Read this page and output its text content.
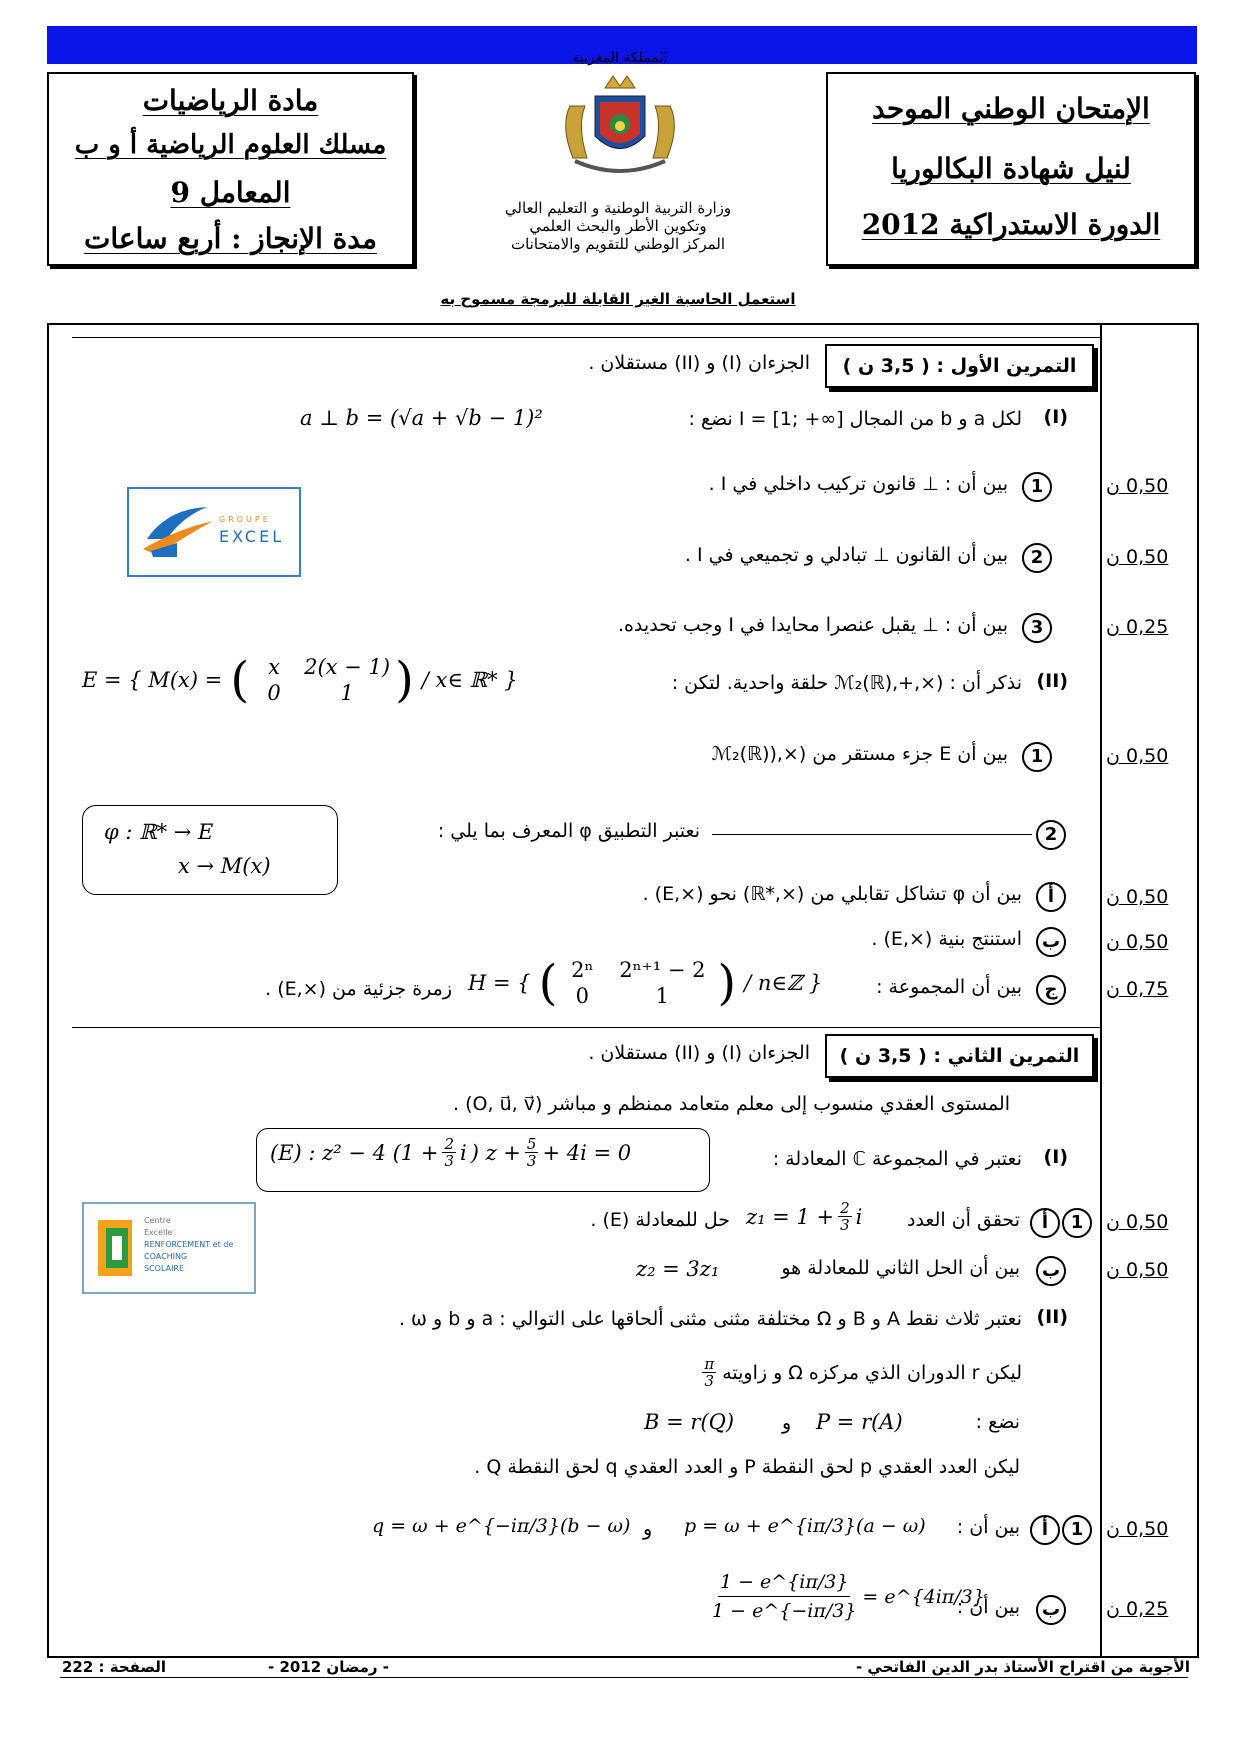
مادة الرياضيات
مسلك العلوم الرياضية أ و ب
المعامل 9
مدة الإنجاز : أربع ساعات
الإمتحان الوطني الموحد
لنيل شهادة البكالوريا
الدورة الاستدراكية 2012
المملكة المغربية
وزارة التربية الوطنية و التعليم العالي
وتكوين الأطر والبحث العلمي
المركز الوطني للتقويم والامتحانات
استعمل الحاسبة الغير القابلة للبرمجة مسموح به
التمرين الأول : ( 3,5 ن )
الجزءان (I) و (II) مستقلان .
(I)
لكل a و b من المجال [∞+ ;1] = I نضع :
a ⊥ b = (√a + √b − 1)²
GROUPE
EXCEL
1
بين أن : ⊥ قانون تركيب داخلي في I .	0,50 ن
2
بين أن القانون ⊥ تبادلي و تجميعي في I .	0,50 ن
3
بين أن : ⊥ يقبل عنصرا محايدا في I وجب تحديده.	0,25 ن
(II)
نذكر أن : (×,+,(ℳ₂(ℝ حلقة واحدية. لتكن :
E = { M(x) = ( x	2(x − 1)
0	1 ) / x∈ ℝ* }
1
بين أن E جزء مستقر من (×,(ℳ₂(ℝ)	0,50 ن
φ : ℝ* → E
x → M(x)
2
نعتبر التطبيق φ المعرف بما يلي :
أ
بين أن φ تشاكل تقابلي من (×,*ℝ) نحو (×,E) .	0,50 ن
ب
استنتج بنية (×,E) .	0,50 ن
ج
بين أن المجموعة :	0,75 ن
H = { ( 2ⁿ	2ⁿ⁺¹ − 2
0	1	) / n∈ℤ }
زمرة جزئية من (×,E) .
التمرين الثاني : ( 3,5 ن )
الجزءان (I) و (II) مستقلان .
المستوى العقدي منسوب إلى معلم متعامد ممنظم و مباشر (O, u⃗, v⃗) .
(I)
نعتبر في المجموعة ℂ المعادلة :
(E) : z² − 4 ($1 + \frac{2}{3}$ i ) $z + \frac{5}{3} + 4i = 0$
Centre
Excelle
RENFORCEMENT et de
COACHING
SCOLAIRE
1
أ
تحقق أن العدد
$z_1 = 1 + \frac{2}{3}$ i
حل للمعادلة (E) .	0,50 ن
ب
بين أن الحل الثاني للمعادلة هو
z₂ = 3z₁	0,50 ن
(II)
نعتبر ثلاث نقط A و B و Ω مختلفة مثنى مثنى ألحاقها على التوالي : a و b و ω .
ليكن r الدوران الذي مركزه Ω و زاويته
$\frac{\pi}{3}$
نضع :
P = r(A)
و
B = r(Q)
ليكن العدد العقدي p لحق النقطة P و العدد العقدي q لحق النقطة Q .
1
أ
بين أن :
p = ω + e^{iπ/3}(a − ω)
و
q = ω + e^{−iπ/3}(b − ω)	0,50 ن
ب
بين أن :
$\frac{1 - e\^{}\{i\pi/3\}}{1 - e\^{}\{-i\pi/3\}}$ = e^{4iπ/3}
0,25 ن
الأجوبة من اقتراح الأستاذ بدر الدين الفاتحي -
- رمضان 2012 -
الصفحة : 222
